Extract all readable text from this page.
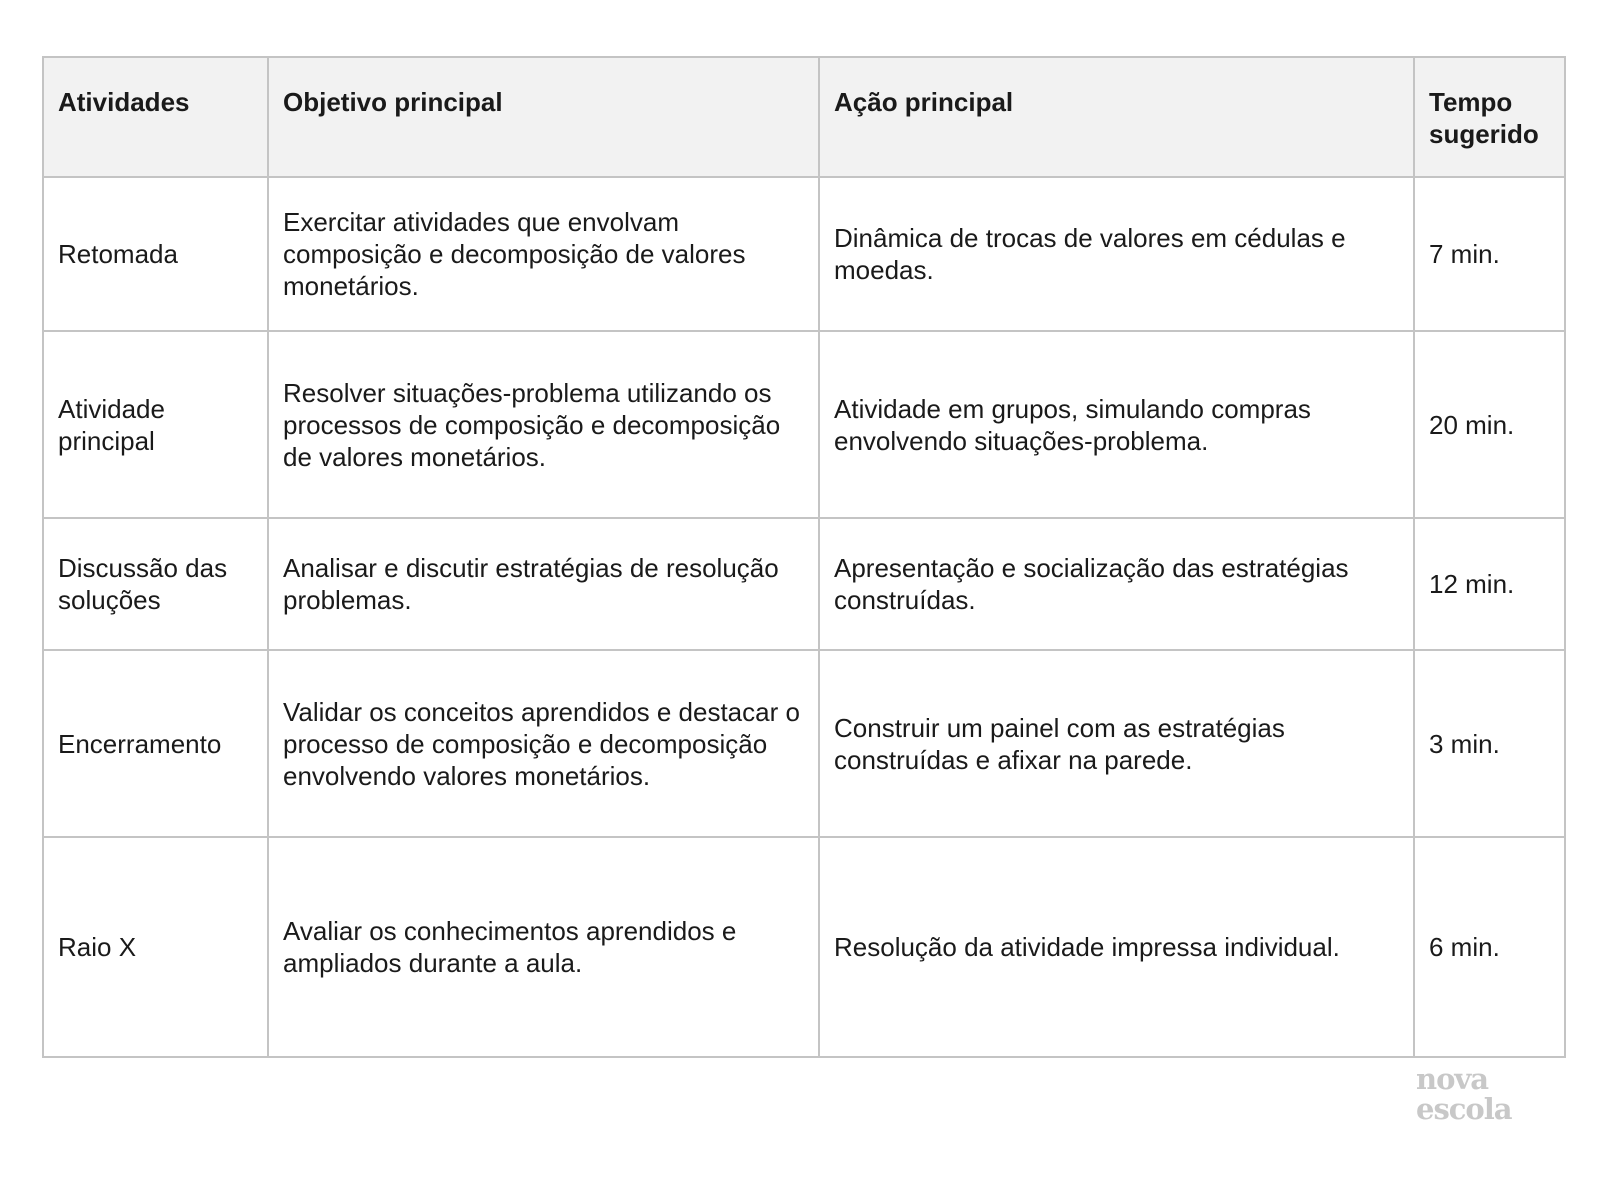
Atividades	Objetivo principal	Ação principal	Tempo sugerido
Retomada	Exercitar atividades que envolvam composição e decomposição de valores monetários.	Dinâmica de trocas de valores em cédulas e moedas.	7 min.
Atividade principal	Resolver situações-problema utilizando os processos de composição e decomposição de valores monetários.	Atividade em grupos, simulando compras envolvendo situações-problema.	20 min.
Discussão das soluções	Analisar e discutir estratégias de resolução problemas.	Apresentação e socialização das estratégias construídas.	12 min.
Encerramento	Validar os conceitos aprendidos e destacar o processo de composição e decomposição envolvendo valores monetários.	Construir um painel com as estratégias construídas e afixar na parede.	3 min.
Raio X	Avaliar os conhecimentos aprendidos e ampliados durante a aula.	Resolução da atividade impressa individual.	6 min.
nova
escola
